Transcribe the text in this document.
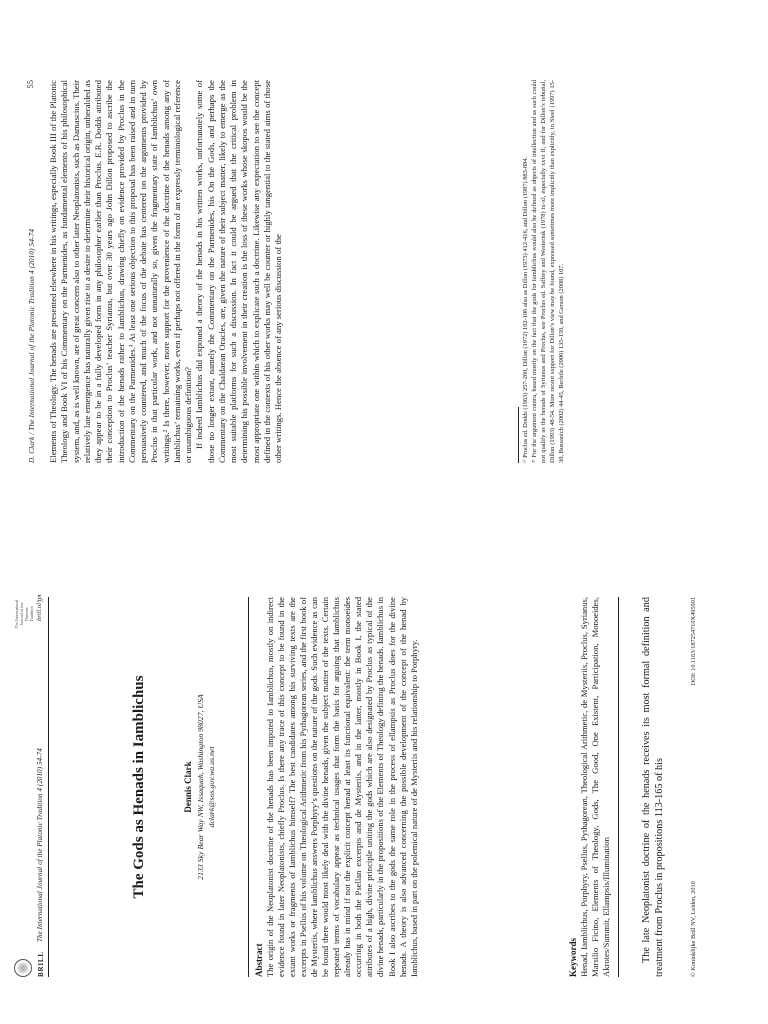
BRILL
The International Journal of the Platonic Tradition 4 (2010) 54-74
The International Journal of the Platonic Tradition brill.nl/jpt
The Gods as Henads in Iamblichus	Dennis Clark 2133 Sky Bear Way NW, Issaquah, Washington 98027, USA dclark@sos.gov.wa.us.net
Abstract The origin of the Neoplatonist doctrine of the henads has been imputed to Iamblichus, mostly on indirect evidence found in later Neoplatonists, chiefly Proclus. Is there any trace of this concept to be found in the extant works or fragments of Iamblichus himself? The best candidates among his surviving texts are the excerpts in Psellus of his volume on Theological Arithmetic from his Pythagorean series, and the first book of de Mysteriis, where Iamblichus answers Porphyry’s questions on the nature of the gods. Such evidence as can be found there would most likely deal with the divine henads, given the subject matter of the texts. Certain repeated terms of vocabulary appear as technical usages that form the basis for arguing that Iamblichus already has in mind if not the explicit concept henad at least its functional equivalent: the term monoeides occurring in both the Psellan excerpts and de Mysteriis, and in the latter, mostly in Book I, the stated attributes of a high, divine principle uniting the gods which are also designated by Proclus as typical of the divine henads, particularly in the propositions of the Elements of Theology defining the henads. Iamblichus in Book I also ascribes to the gods the same role in the process of ellampsis as Proclus does for the divine henads. A theory is also advanced concerning the possible development of the concept of the henad by Iamblichus, based in part on the polemical nature of de Mysteriis and his relationship to Porphyry.	Keywords Henad, Iamblichus, Porphyry, Psellus, Pythagorean, Theological Arithmetic, de Mysteriis, Proclus, Syrianus, Marsilio Ficino, Elements of Theology, Gods, The Good, One Existent, Participation, Monoeides, Akrotes/Summit, Ellampsis/Illumination	The late Neoplatonist doctrine of the henads receives its most formal definition and treatment from Proclus in propositions 113-165 of his	© Koninklijke Brill NV, Leiden, 2010
DOI: 10.1163/187254710X495901
D. Clark / The International Journal of the Platonic Tradition 4 (2010) 54-74
55 Elements of Theology. The henads are presented elsewhere in his writings, especially Book III of the Platonic Theology and Book VI of his Commentary on the Parmenides, as fundamental elements of his philosophical system, and, as is well known, are of great concern also to other later Neoplatonists, such as Damascius. Their relatively late emergence has naturally given rise to a desire to determine their historical origin, unheralded as they appear to be in a fully developed form in any philosopher earlier than Proclus. E.R. Dodds attributed their conception to Proclus’ teacher Syrianus, but over 30 years ago John Dillon proposed to ascribe the introduction of the henads rather to Iamblichus, drawing chiefly on evidence provided by Proclus in the Commentary on the Parmenides.¹ At least one serious objection to this proposal has been raised and in turn persuasively countered, and much of the focus of the debate has centered on the arguments provided by Proclus in that particular work, and not unnaturally so, given the fragmentary state of Iamblichus’ own writings.² Is there, however, more support for the provenience of the doctrine of the henads among any of Iamblichus’ remaining works, even if perhaps not offered in the form of an expressly terminological reference or unambiguous definition? If indeed Iamblichus did expound a theory of the henads in his written works, unfortunately some of those no longer extant, namely the Commentary on the Parmenides, his On the Gods, and perhaps the Commentary on the Chaldaean Oracles, are, given the nature of their subject matter, likely to emerge as the most suitable platforms for such a discussion. In fact it could be argued that the critical problem in determining his possible involvement in their creation is the loss of these works whose skopos would be the most appropriate one within which to explicate such a doctrine. Likewise any expectation to see the concept defined in the contexts of his other works may well be counter or highly tangential to the stated aims of those other writings. Hence the absence of any serious discussion of the	¹⁾ Proclus ed. Dodds (1963) 257-260, Dillon (1972) 102-106 also as Dillon (1973) 412-416, and Dillon (1987) 883-884. ²⁾ For the argument contra, based mostly on the fact that the gods for Iamblichus would also be defined as objects of intellection and as such could not qualify as the henads of Syrianus and Proclus, see Proclus ed. Saffrey and Westerink (1978) ix-xl, especially xxvi ff, and for Dillon’s rebuttal, Dillon (1993) 48-54. More recent support for Dillon’s view may be found, expressed sometimes more implicitly than explicitly, in Steel (1997) 15-30, Bussanich (2002) 44-45, Bechtle (2006) 135-159, and Gerson (2008) 107.
